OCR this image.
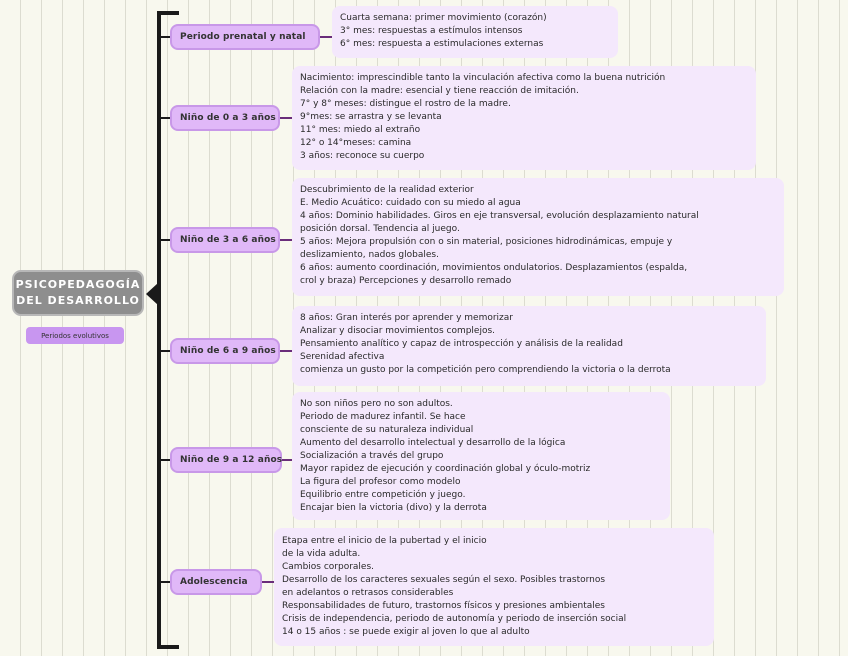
PSICOPEDAGOGÍA DEL DESARROLLO
Periodos evolutivos
Periodo prenatal y natal
Cuarta semana: primer movimiento (corazón)
3° mes: respuestas a estímulos intensos
6° mes: respuesta a estimulaciones externas
Niño de 0 a 3 años
Nacimiento: imprescindible tanto la vinculación afectiva como la buena nutrición
Relación con la madre: esencial y tiene reacción de imitación.
7° y 8° meses: distingue el rostro de la madre.
9°mes: se arrastra y se levanta
11° mes: miedo al extraño
12° o 14°meses: camina
3 años: reconoce su cuerpo
Niño de 3 a 6 años
Descubrimiento de la realidad exterior
E. Medio Acuático: cuidado con su miedo al agua
4 años: Dominio habilidades. Giros en eje transversal, evolución desplazamiento natural
posición dorsal. Tendencia al juego.
5 años: Mejora propulsión con o sin material, posiciones hidrodinámicas, empuje y
deslizamiento, nados globales.
6 años: aumento coordinación, movimientos ondulatorios. Desplazamientos (espalda,
crol y braza) Percepciones y desarrollo remado
Niño de 6 a 9 años
8 años: Gran interés por aprender y memorizar
Analizar y disociar movimientos complejos.
Pensamiento analítico y capaz de introspección y análisis de la realidad
Serenidad afectiva
comienza un gusto por la competición pero comprendiendo la victoria o la derrota
Niño de 9 a 12 años
No son niños pero no son adultos.
Periodo de madurez infantil. Se hace
consciente de su naturaleza individual
Aumento del desarrollo intelectual y desarrollo de la lógica
Socialización a través del grupo
Mayor rapidez de ejecución y coordinación global y óculo-motriz
La figura del profesor como modelo
Equilibrio entre competición y juego.
Encajar bien la victoria (divo) y la derrota
Adolescencia
Etapa entre el inicio de la pubertad y el inicio
de la vida adulta.
Cambios corporales.
Desarrollo de los caracteres sexuales según el sexo. Posibles trastornos
en adelantos o retrasos considerables
Responsabilidades de futuro, trastornos físicos y presiones ambientales
Crisis de independencia, periodo de autonomía y periodo de inserción social
14 o 15 años : se puede exigir al joven lo que al adulto
